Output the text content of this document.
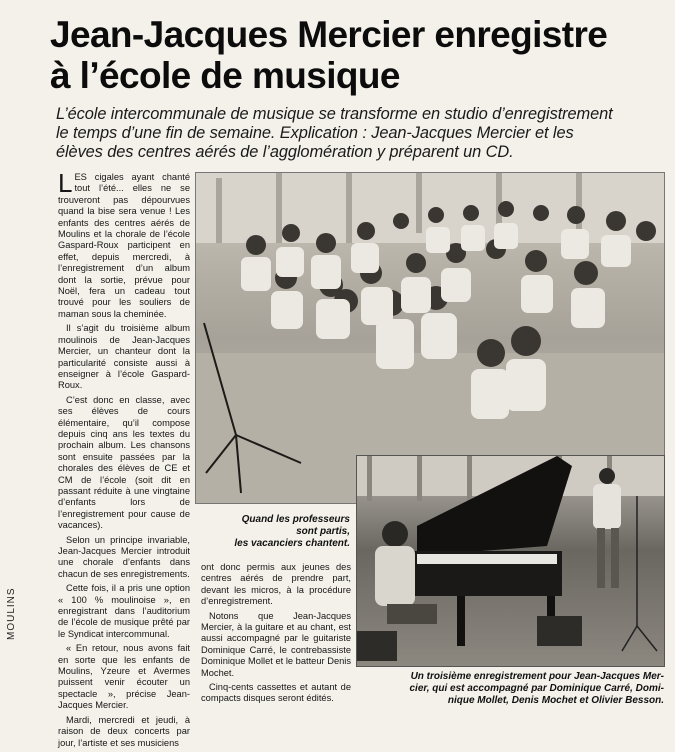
Jean-Jacques Mercier enregistre
à l’école de musique
L’école intercommunale de musique se transforme en studio d’enregistrement
le temps d’une fin de semaine. Explication : Jean-Jacques Mercier et les
élèves des centres aérés de l’agglomération y préparent un CD.

LES cigales ayant chanté tout l’été... elles ne se trouveront pas dépourvues quand la bise sera venue ! Les enfants des centres aérés de Moulins et la chorale de l’école Gaspard-Roux participent en effet, depuis mercredi, à l’enregistrement d’un album dont la sortie, prévue pour Noël, fera un cadeau tout trouvé pour les souliers de maman sous la cheminée.

Il s’agit du troisième album moulinois de Jean-Jacques Mercier, un chanteur dont la particularité consiste aussi à enseigner à l’école Gaspard-Roux.

C’est donc en classe, avec ses élèves de cours élémentaire, qu’il compose depuis cinq ans les textes du prochain album. Les chansons sont ensuite passées par la chorales des élèves de CE et CM de l’école (soit dit en passant réduite à une vingtaine d’enfants lors de l’enregistrement pour cause de vacances).

Selon un principe invariable, Jean-Jacques Mercier introduit une chorale d’enfants dans chacun de ses enregistrements.

Cette fois, il a pris une option « 100 % moulinoise », en enregistrant dans l’auditorium de l’école de musique prêté par le Syndicat intercommunal.

« En retour, nous avons fait en sorte que les enfants de Moulins, Yzeure et Avermes puissent venir écouter un spectacle », précise Jean-Jacques Mercier.

Mardi, mercredi et jeudi, à raison de deux concerts par jour, l’artiste et ses musiciens

Quand les professeurs
sont partis,
les vacanciers chantent.

ont donc permis aux jeunes des centres aérés de prendre part, devant les micros, à la procédure d’enregistrement.

Notons que Jean-Jacques Mercier, à la guitare et au chant, est aussi accompagné par le guitariste Dominique Carré, le contrebassiste Dominique Mollet et le batteur Denis Mochet.

Cinq-cents cassettes et autant de compacts disques seront édités.

Un troisième enregistrement pour Jean-Jacques Mer-
cier, qui est accompagné par Dominique Carré, Domi-
nique Mollet, Denis Mochet et Olivier Besson.
MOULINS
